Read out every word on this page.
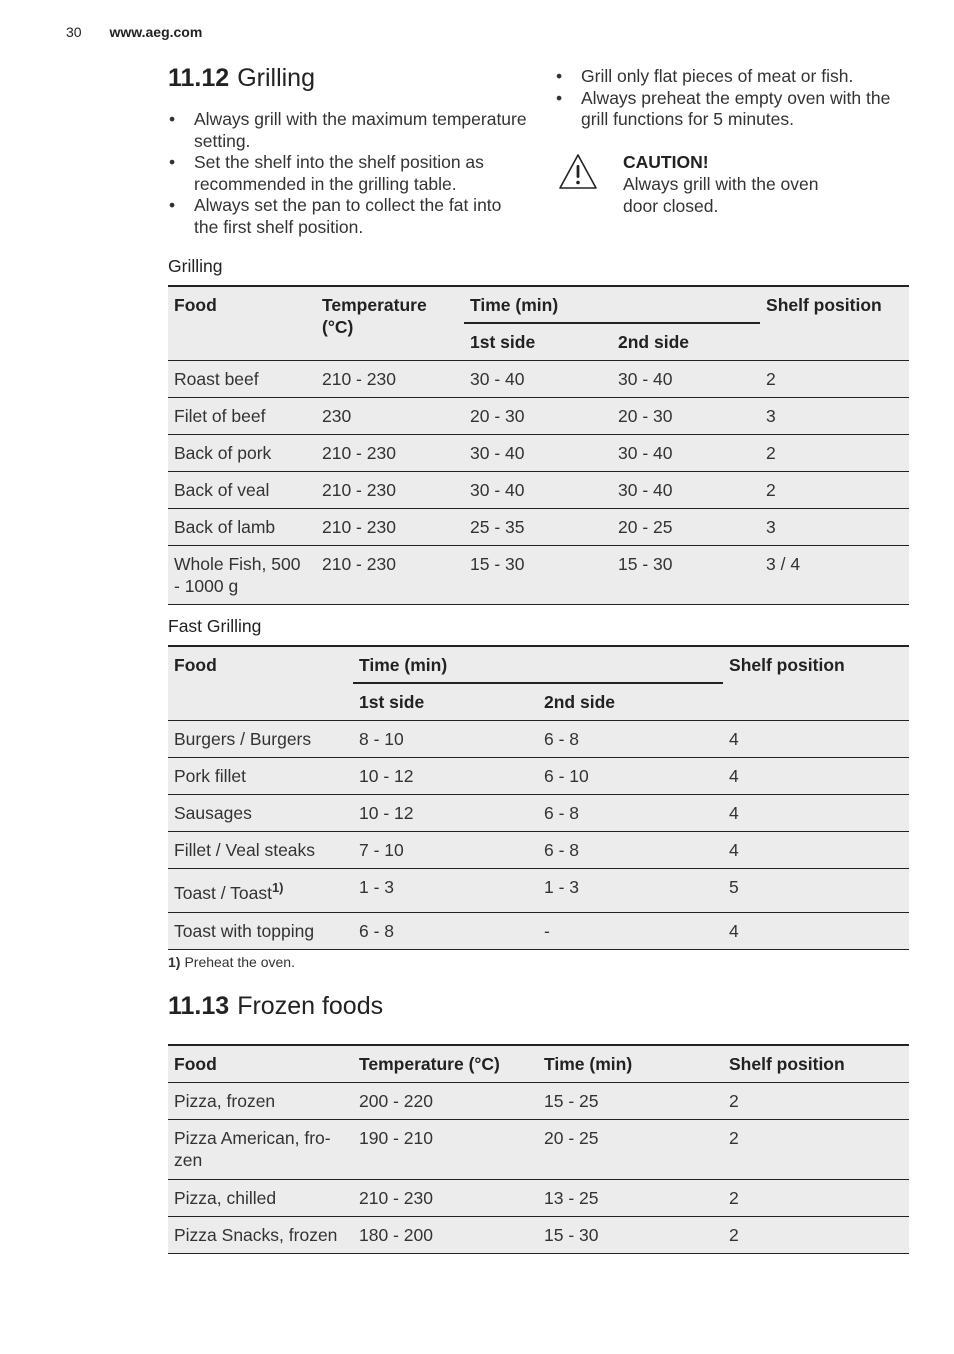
30 www.aeg.com
11.12 Grilling
• Always grill with the maximum temperature setting.
• Set the shelf into the shelf position as recommended in the grilling table.
• Always set the pan to collect the fat into the first shelf position.
• Grill only flat pieces of meat or fish.
• Always preheat the empty oven with the grill functions for 5 minutes.
CAUTION!
Always grill with the oven door closed.
Grilling
Food	Temperature (°C)	Time (min)		Shelf position
		1st side	2nd side	
Roast beef	210 - 230	30 - 40	30 - 40	2
Filet of beef	230	20 - 30	20 - 30	3
Back of pork	210 - 230	30 - 40	30 - 40	2
Back of veal	210 - 230	30 - 40	30 - 40	2
Back of lamb	210 - 230	25 - 35	20 - 25	3
Whole Fish, 500 - 1000 g	210 - 230	15 - 30	15 - 30	3 / 4
Fast Grilling
Food	Time (min)		Shelf position
	1st side	2nd side	
Burgers / Burgers	8 - 10	6 - 8	4
Pork fillet	10 - 12	6 - 10	4
Sausages	10 - 12	6 - 8	4
Fillet / Veal steaks	7 - 10	6 - 8	4
Toast / Toast$^{1)}$	1 - 3	1 - 3	5
Toast with topping	6 - 8	-	4
1) Preheat the oven.
11.13 Frozen foods
Food	Temperature (°C)	Time (min)	Shelf position
Pizza, frozen	200 - 220	15 - 25	2
Pizza American, fro- zen	190 - 210	20 - 25	2
Pizza, chilled	210 - 230	13 - 25	2
Pizza Snacks, frozen	180 - 200	15 - 30	2
